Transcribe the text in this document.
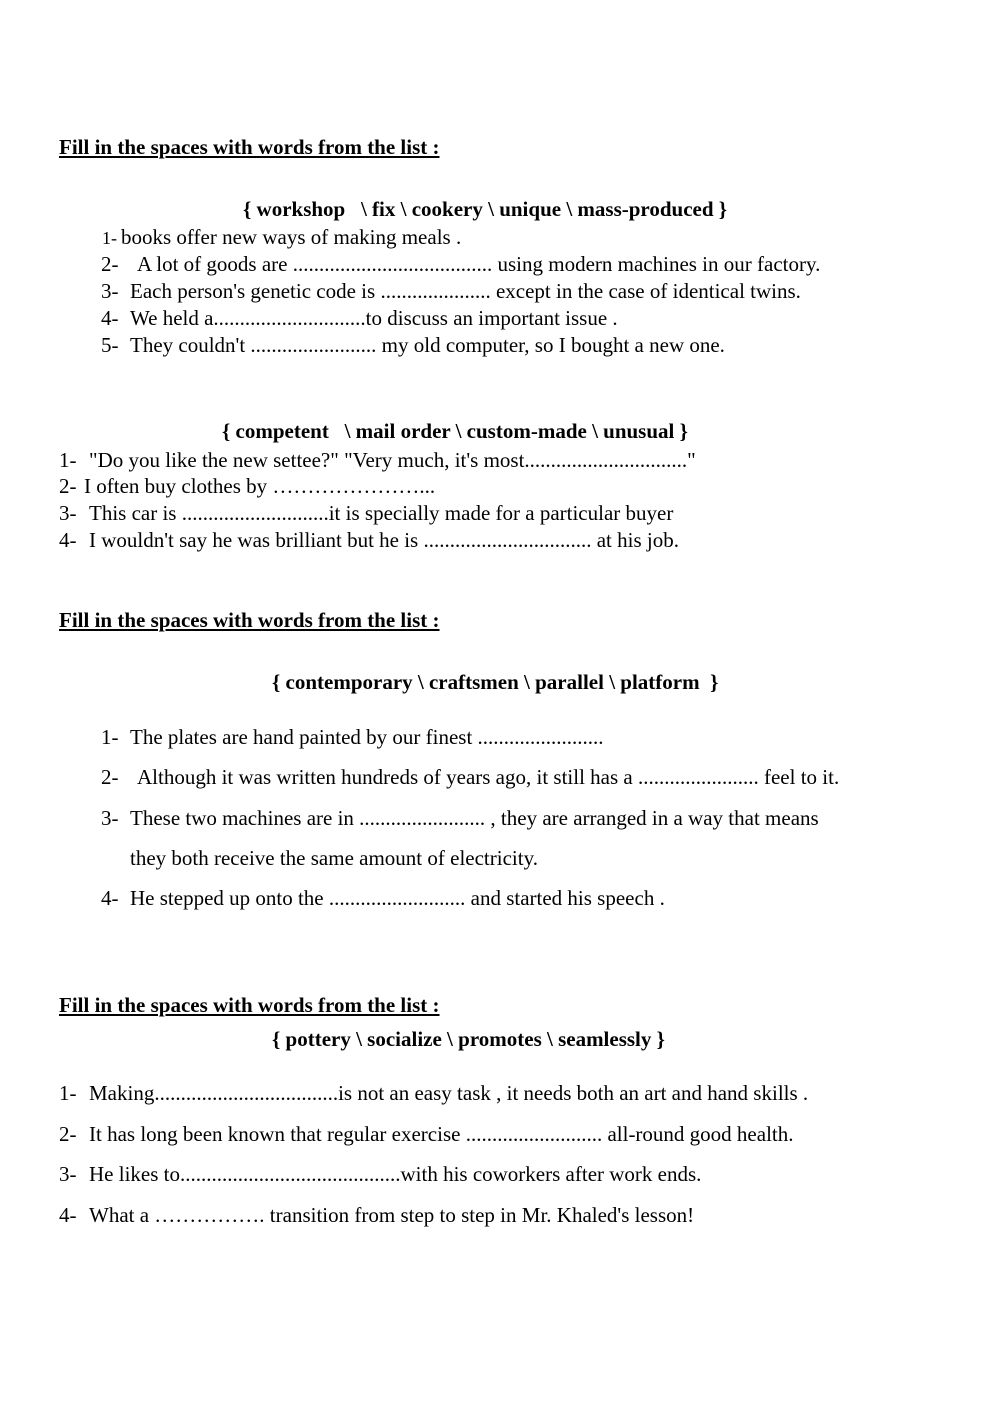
Fill in the spaces with words from the list :
{ workshop   \ fix \ cookery \ unique \ mass-produced }
1- books offer new ways of making meals .
2- A lot of goods are ...................................... using modern machines in our factory.
3- Each person's genetic code is ..................... except in the case of identical twins.
4- We held a.............................to discuss an important issue .
5- They couldn't ........................ my old computer, so I bought a new one.
{ competent   \ mail order \ custom-made \ unusual }
1- "Do you like the new settee?" "Very much, it's most..............................."
2- I often buy clothes by …………………...
3- This car is ............................it is specially made for a particular buyer
4- I wouldn't say he was brilliant but he is ................................ at his job.
Fill in the spaces with words from the list :
{ contemporary \ craftsmen \ parallel \ platform  }
1- The plates are hand painted by our finest ........................
2- Although it was written hundreds of years ago, it still has a ....................... feel to it.
3- These two machines are in ........................ , they are arranged in a way that means
they both receive the same amount of electricity.
4- He stepped up onto the .......................... and started his speech .
Fill in the spaces with words from the list :
{ pottery \ socialize \ promotes \ seamlessly }
1- Making...................................is not an easy task , it needs both an art and hand skills .
2- It has long been known that regular exercise .......................... all-round good health.
3- He likes to..........................................with his coworkers after work ends.
4- What a ……………. transition from step to step in Mr. Khaled's lesson!
